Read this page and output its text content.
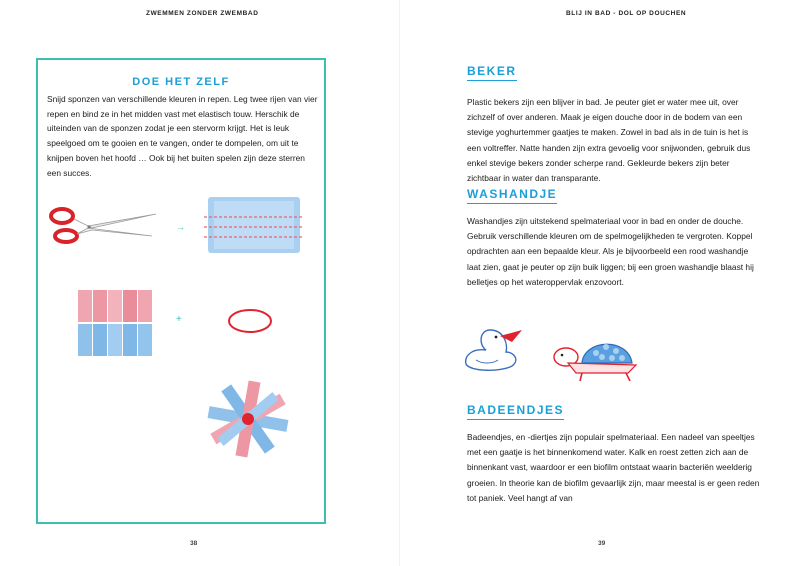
ZWEMMEN ZONDER ZWEMBAD
DOE HET ZELF
Snijd sponzen van verschillende kleuren in repen. Leg twee rijen van vier repen en bind ze in het midden vast met elastisch touw. Herschik de uiteinden van de sponzen zodat je een stervorm krijgt. Het is leuk speelgoed om te gooien en te vangen, onder te dompelen, om uit te knijpen boven het hoofd … Ook bij het buiten spelen zijn deze sterren een succes.
→
+
38
BLIJ IN BAD - DOL OP DOUCHEN
39
BEKER
Plastic bekers zijn een blijver in bad. Je peuter giet er water mee uit, over zichzelf of over anderen. Maak je eigen douche door in de bodem van een stevige yoghurtemmer gaatjes te maken. Zowel in bad als in de tuin is het is een voltreffer. Natte handen zijn extra gevoelig voor snijwonden, gebruik dus enkel stevige bekers zonder scherpe rand. Gekleurde bekers zijn beter zichtbaar in water dan transparante.
WASHANDJE
Washandjes zijn uitstekend spelmateriaal voor in bad en onder de douche. Gebruik verschillende kleuren om de spelmogelijkheden te vergroten. Koppel opdrachten aan een bepaalde kleur. Als je bijvoorbeeld een rood washandje laat zien, gaat je peuter op zijn buik liggen; bij een groen washandje blaast hij belletjes op het wateroppervlak enzovoort.
BADEENDJES
Badeendjes, en -diertjes zijn populair spelmateriaal. Een nadeel van speeltjes met een gaatje is het binnenkomend water. Kalk en roest zetten zich aan de binnenkant vast, waardoor er een biofilm ontstaat waarin bacteriën weelderig groeien. In theorie kan de biofilm gevaarlijk zijn, maar meestal is er geen reden tot paniek. Veel hangt af van
